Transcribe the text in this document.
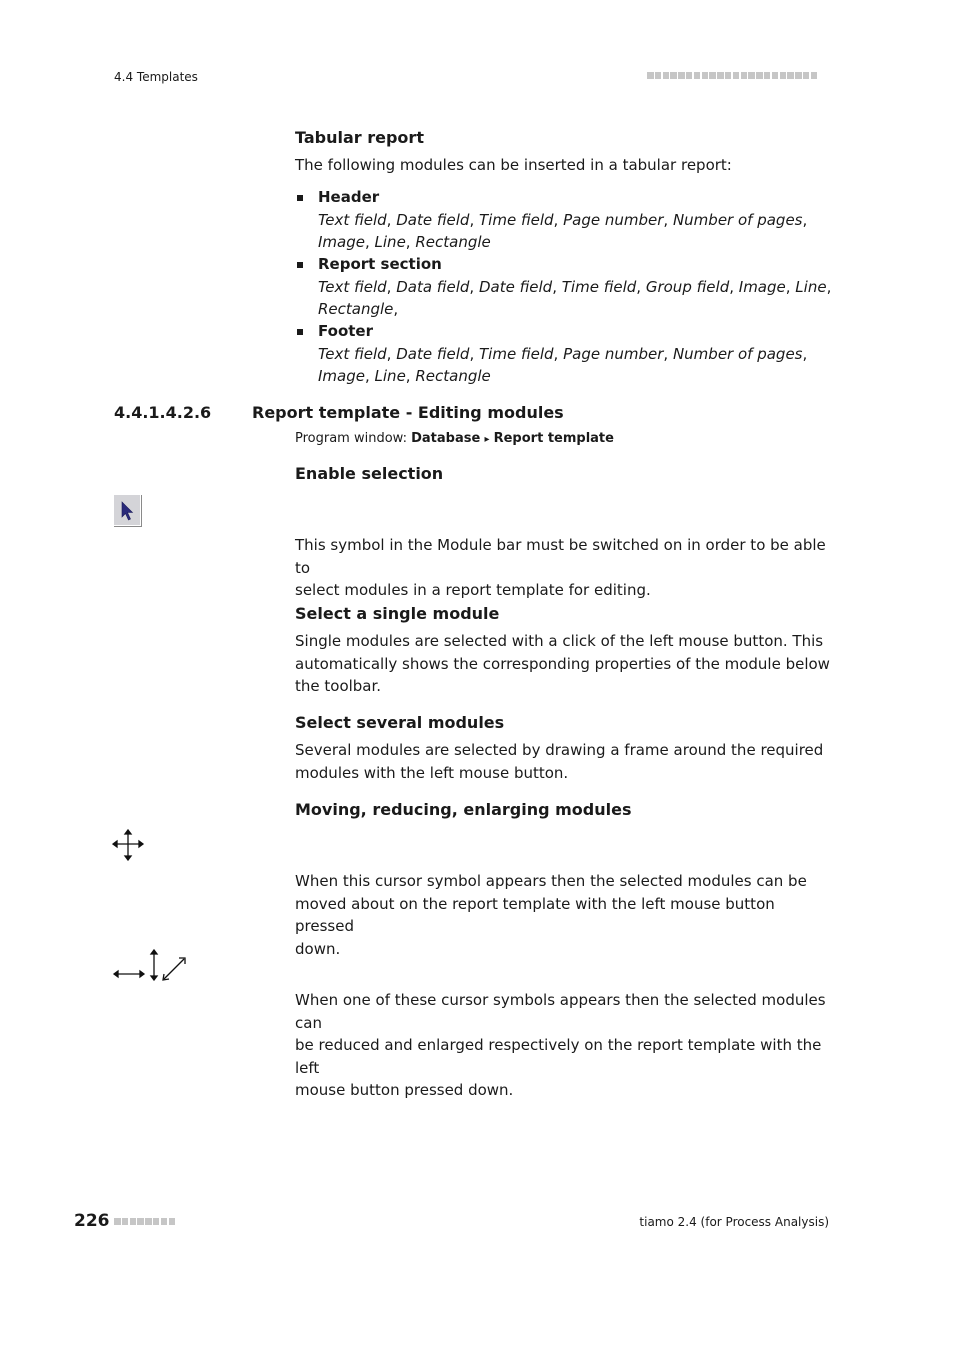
4.4 Templates
Tabular report
The following modules can be inserted in a tabular report:
Header
Text field, Date field, Time field, Page number, Number of pages,
Image, Line, Rectangle
Report section
Text field, Data field, Date field, Time field, Group field, Image, Line,
Rectangle,
Footer
Text field, Date field, Time field, Page number, Number of pages,
Image, Line, Rectangle
4.4.1.4.2.6	Report template - Editing modules
Program window: Database ▸ Report template
Enable selection
This symbol in the Module bar must be switched on in order to be able to
select modules in a report template for editing.
Select a single module
Single modules are selected with a click of the left mouse button. This
automatically shows the corresponding properties of the module below
the toolbar.
Select several modules
Several modules are selected by drawing a frame around the required
modules with the left mouse button.
Moving, reducing, enlarging modules
When this cursor symbol appears then the selected modules can be
moved about on the report template with the left mouse button pressed
down.
When one of these cursor symbols appears then the selected modules can
be reduced and enlarged respectively on the report template with the left
mouse button pressed down.
226	tiamo 2.4 (for Process Analysis)
